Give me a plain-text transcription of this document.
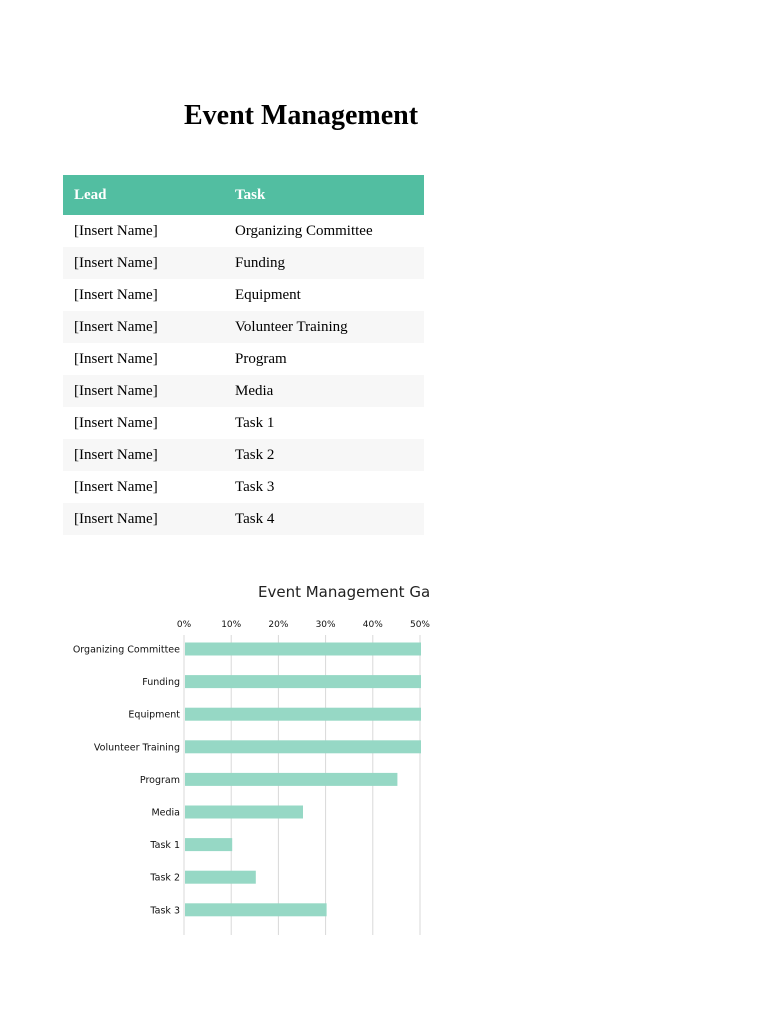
Event Management
Lead	Task
[Insert Name]	Organizing Committee
[Insert Name]	Funding
[Insert Name]	Equipment
[Insert Name]	Volunteer Training
[Insert Name]	Program
[Insert Name]	Media
[Insert Name]	Task 1
[Insert Name]	Task 2
[Insert Name]	Task 3
[Insert Name]	Task 4
Event Management Ga
0%	10%	20%	30%	40%	50%
Organizing Committee
Funding
Equipment
Volunteer Training
Program
Media
Task 1
Task 2
Task 3
